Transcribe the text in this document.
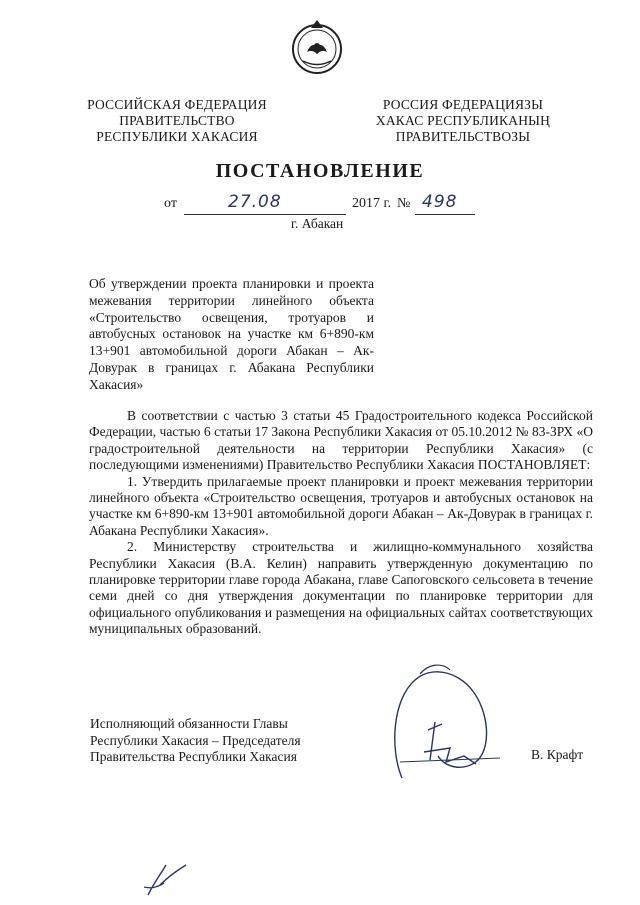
РОССИЙСКАЯ ФЕДЕРАЦИЯ
ПРАВИТЕЛЬСТВО
РЕСПУБЛИКИ ХАКАСИЯ
РОССИЯ ФЕДЕРАЦИЯЗЫ
ХАКАС РЕСПУБЛИКАНЫҢ
ПРАВИТЕЛЬСТВОЗЫ
ПОСТАНОВЛЕНИЕ
от	27.08	2017 г. № 498
г. Абакан
Об утверждении проекта планировки и проекта межевания территории линейного объекта «Строительство освещения, тротуаров и автобусных остановок на участке км 6+890-км 13+901 автомобильной дороги Абакан – Ак-Довурак в границах г. Абакана Республики Хакасия»

В соответствии с частью 3 статьи 45 Градостроительного кодекса Российской Федерации, частью 6 статьи 17 Закона Республики Хакасия от 05.10.2012 № 83-ЗРХ «О градостроительной деятельности на территории Республики Хакасия» (с последующими изменениями) Правительство Республики Хакасия ПОСТАНОВЛЯЕТ:

1. Утвердить прилагаемые проект планировки и проект межевания территории линейного объекта «Строительство освещения, тротуаров и автобусных остановок на участке км 6+890-км 13+901 автомобильной дороги Абакан – Ак-Довурак в границах г. Абакана Республики Хакасия».

2. Министерству строительства и жилищно-коммунального хозяйства Республики Хакасия (В.А. Келин) направить утвержденную документацию по планировке территории главе города Абакана, главе Сапоговского сельсовета в течение семи дней со дня утверждения документации по планировке территории для официального опубликования и размещения на официальных сайтах соответствующих муниципальных образований.

Исполняющий обязанности Главы
Республики Хакасия – Председателя
Правительства Республики Хакасия	В. Крафт
